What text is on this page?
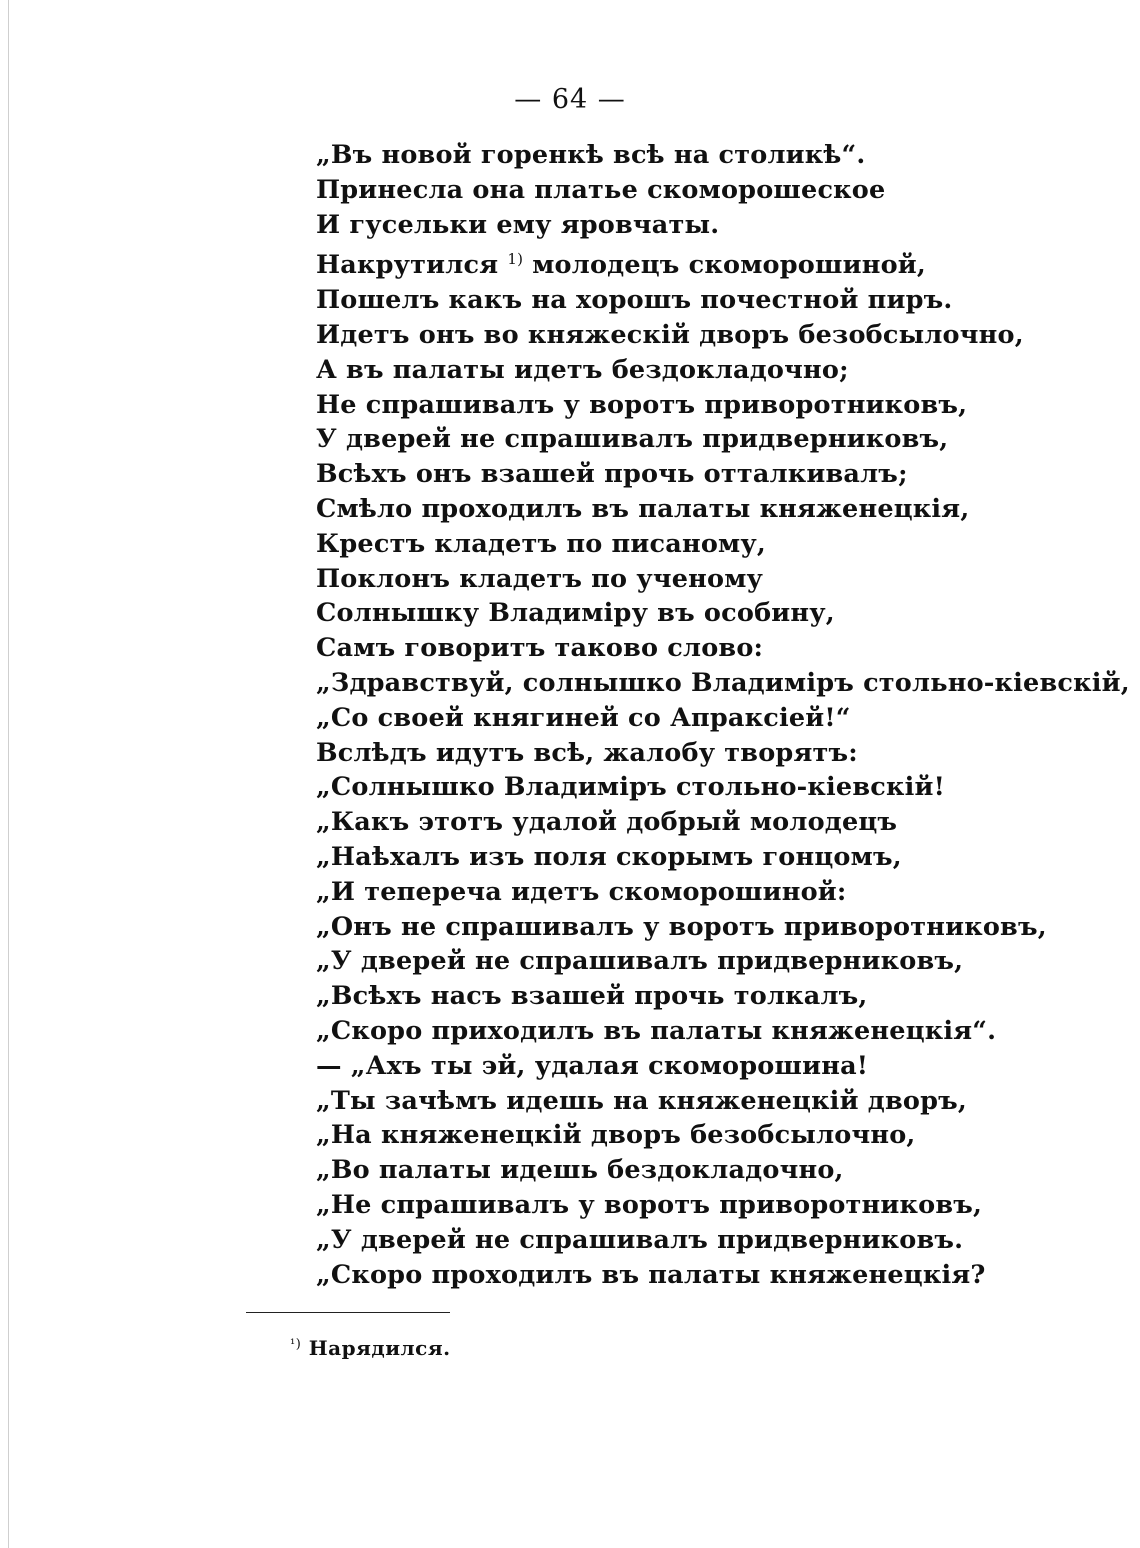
— 64 —
„Въ новой горенкѣ всѣ на столикѣ“.
Принесла она платье скоморошеское
И гусельки ему яровчаты.
Накрутился $^{1)}$ молодецъ скоморошиной,
Пошелъ какъ на хорошъ почестной пиръ.
Идетъ онъ во княжескій дворъ безобсылочно,
А въ палаты идетъ бездокладочно;
Не спрашивалъ у воротъ приворотниковъ,
У дверей не спрашивалъ придверниковъ,
Всѣхъ онъ взашей прочь отталкивалъ;
Смѣло проходилъ въ палаты княженецкія,
Крестъ кладетъ по писаному,
Поклонъ кладетъ по ученому
Солнышку Владиміру въ особину,
Самъ говоритъ таково слово:
„Здравствуй, солнышко Владиміръ стольно-кіевскій,
„Со своей княгиней со Апраксіей!“
Вслѣдъ идутъ всѣ, жалобу творятъ:
„Солнышко Владиміръ стольно-кіевскій!
„Какъ этотъ удалой добрый молодецъ
„Наѣхалъ изъ поля скорымъ гонцомъ,
„И тепереча идетъ скоморошиной:
„Онъ не спрашивалъ у воротъ приворотниковъ,
„У дверей не спрашивалъ придверниковъ,
„Всѣхъ насъ взашей прочь толкалъ,
„Скоро приходилъ въ палаты княженецкія“.
— „Ахъ ты эй, удалая скоморошина!
„Ты зачѣмъ идешь на княженецкій дворъ,
„На княженецкій дворъ безобсылочно,
„Во палаты идешь бездокладочно,
„Не спрашивалъ у воротъ приворотниковъ,
„У дверей не спрашивалъ придверниковъ.
„Скоро проходилъ въ палаты княженецкія?
$^{^1)}$ Нарядился.
